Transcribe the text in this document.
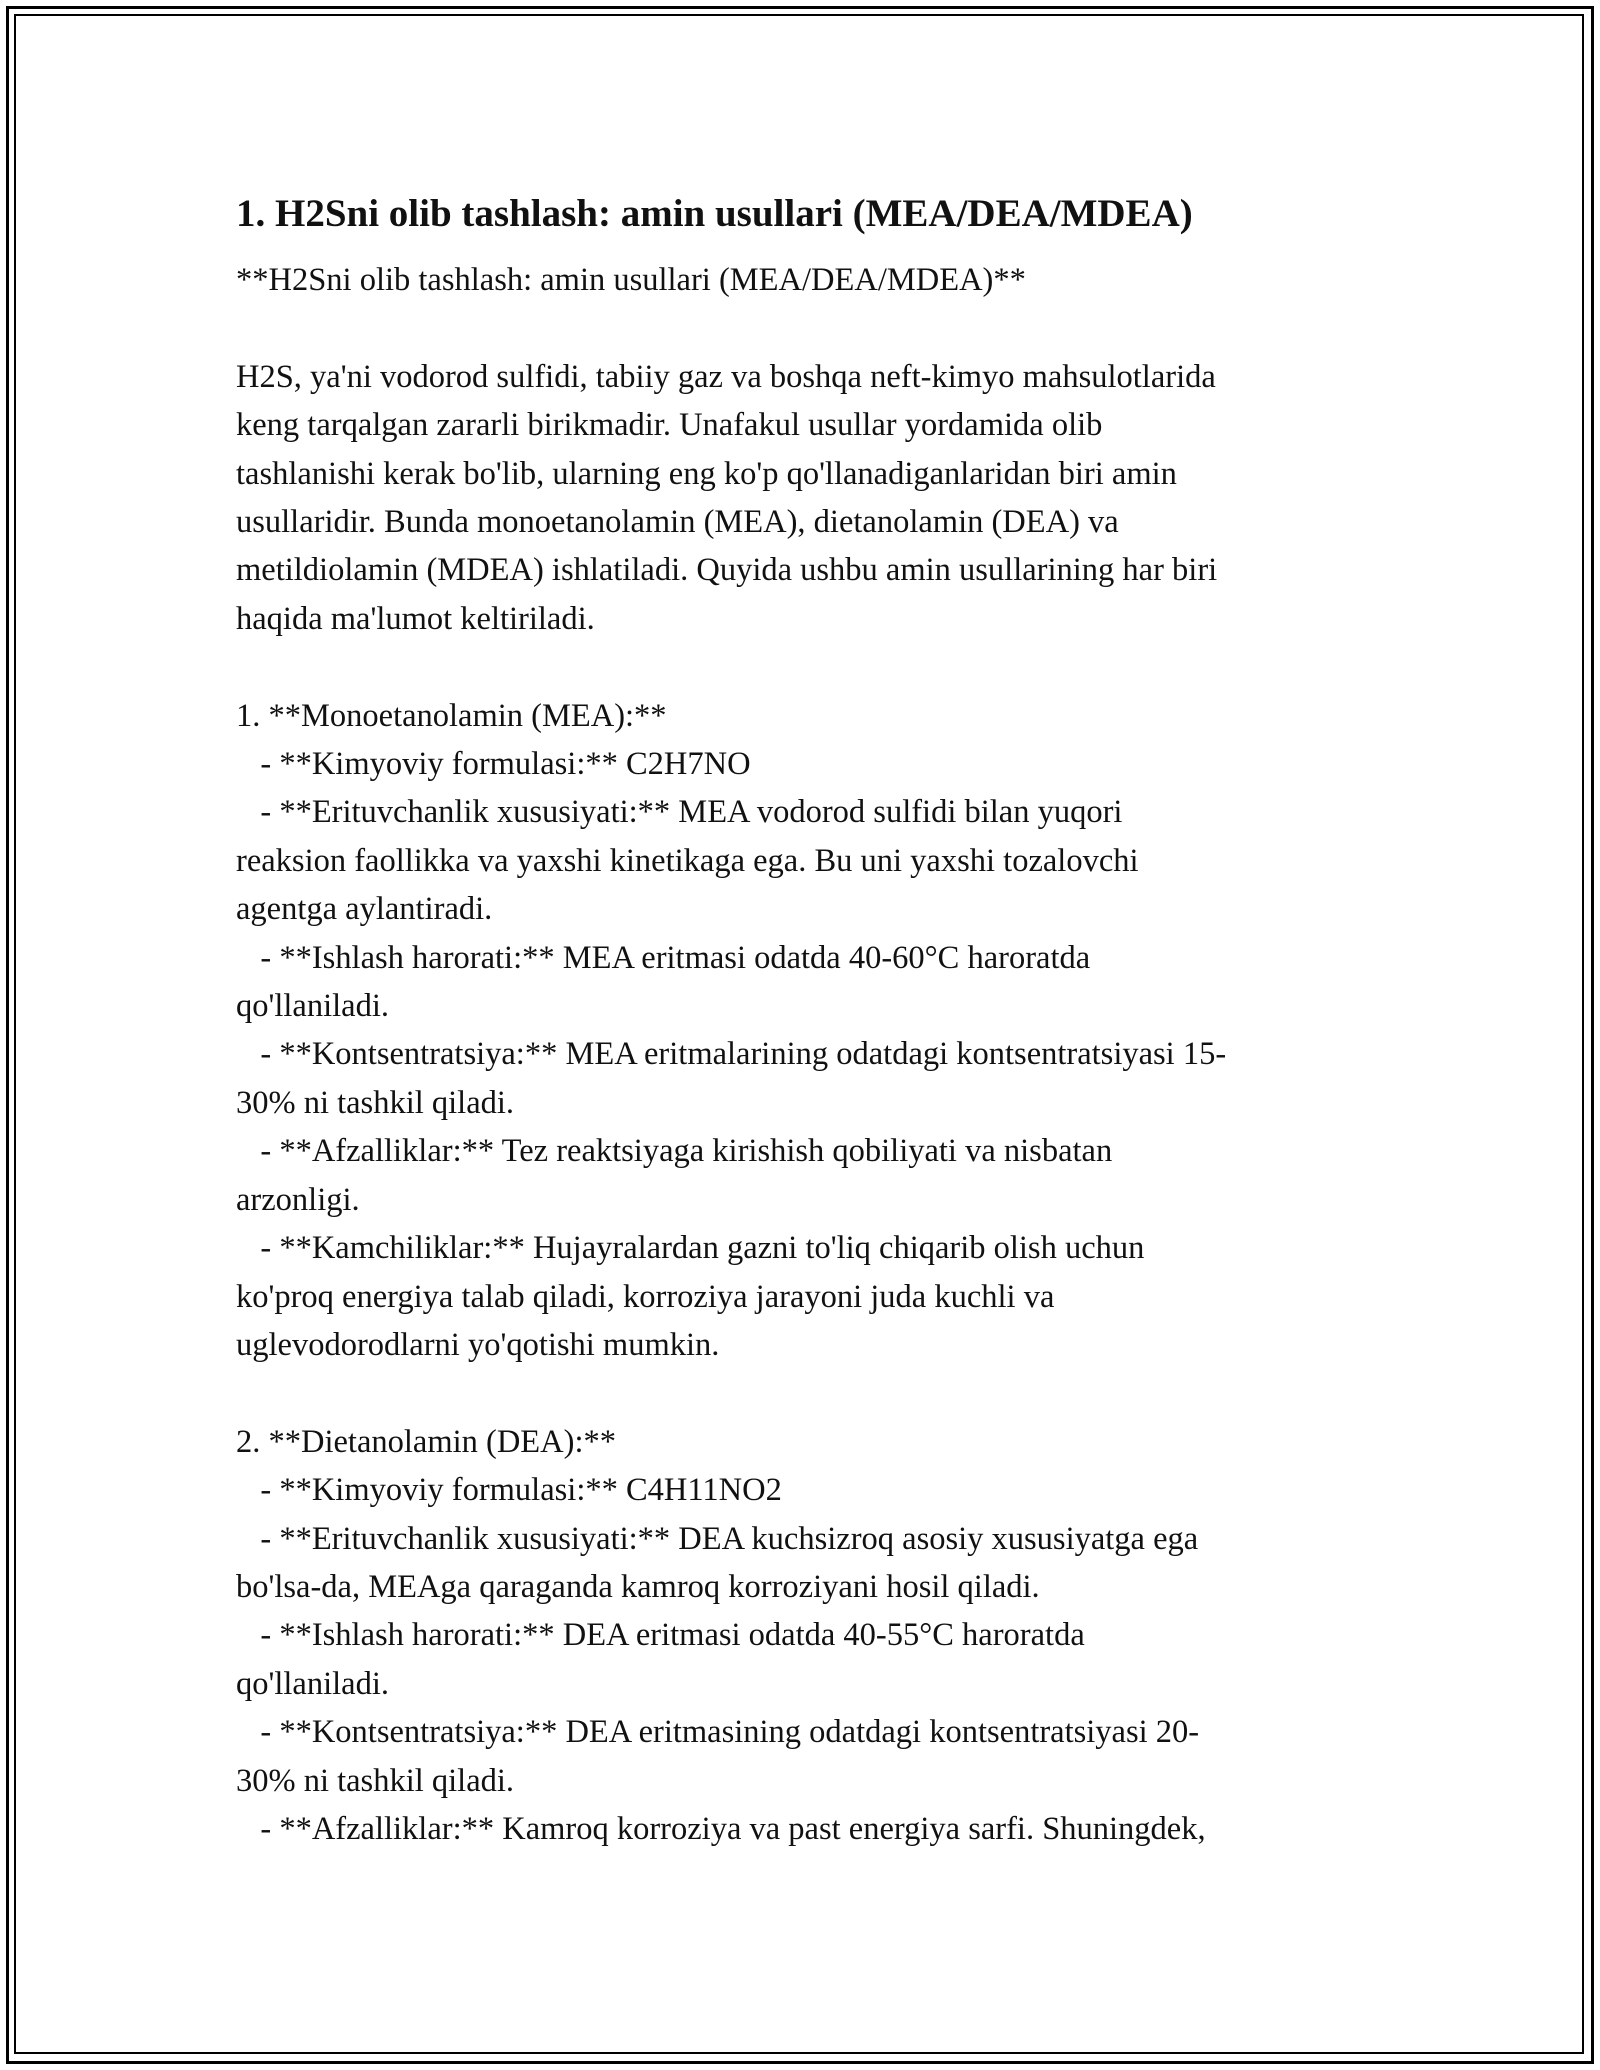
1. H2Sni olib tashlash: amin usullari (MEA/DEA/MDEA)
**H2Sni olib tashlash: amin usullari (MEA/DEA/MDEA)**
H2S, ya'ni vodorod sulfidi, tabiiy gaz va boshqa neft-kimyo mahsulotlarida
keng tarqalgan zararli birikmadir. Unafakul usullar yordamida olib
tashlanishi kerak bo'lib, ularning eng ko'p qo'llanadiganlaridan biri amin
usullaridir. Bunda monoetanolamin (MEA), dietanolamin (DEA) va
metildiolamin (MDEA) ishlatiladi. Quyida ushbu amin usullarining har biri
haqida ma'lumot keltiriladi.
1. **Monoetanolamin (MEA):**
- **Kimyoviy formulasi:** C2H7NO
- **Erituvchanlik xususiyati:** MEA vodorod sulfidi bilan yuqori
reaksion faollikka va yaxshi kinetikaga ega. Bu uni yaxshi tozalovchi
agentga aylantiradi.
- **Ishlash harorati:** MEA eritmasi odatda 40-60°C haroratda
qo'llaniladi.
- **Kontsentratsiya:** MEA eritmalarining odatdagi kontsentratsiyasi 15-
30% ni tashkil qiladi.
- **Afzalliklar:** Tez reaktsiyaga kirishish qobiliyati va nisbatan
arzonligi.
- **Kamchiliklar:** Hujayralardan gazni to'liq chiqarib olish uchun
ko'proq energiya talab qiladi, korroziya jarayoni juda kuchli va
uglevodorodlarni yo'qotishi mumkin.
2. **Dietanolamin (DEA):**
- **Kimyoviy formulasi:** C4H11NO2
- **Erituvchanlik xususiyati:** DEA kuchsizroq asosiy xususiyatga ega
bo'lsa-da, MEAga qaraganda kamroq korroziyani hosil qiladi.
- **Ishlash harorati:** DEA eritmasi odatda 40-55°C haroratda
qo'llaniladi.
- **Kontsentratsiya:** DEA eritmasining odatdagi kontsentratsiyasi 20-
30% ni tashkil qiladi.
- **Afzalliklar:** Kamroq korroziya va past energiya sarfi. Shuningdek,
